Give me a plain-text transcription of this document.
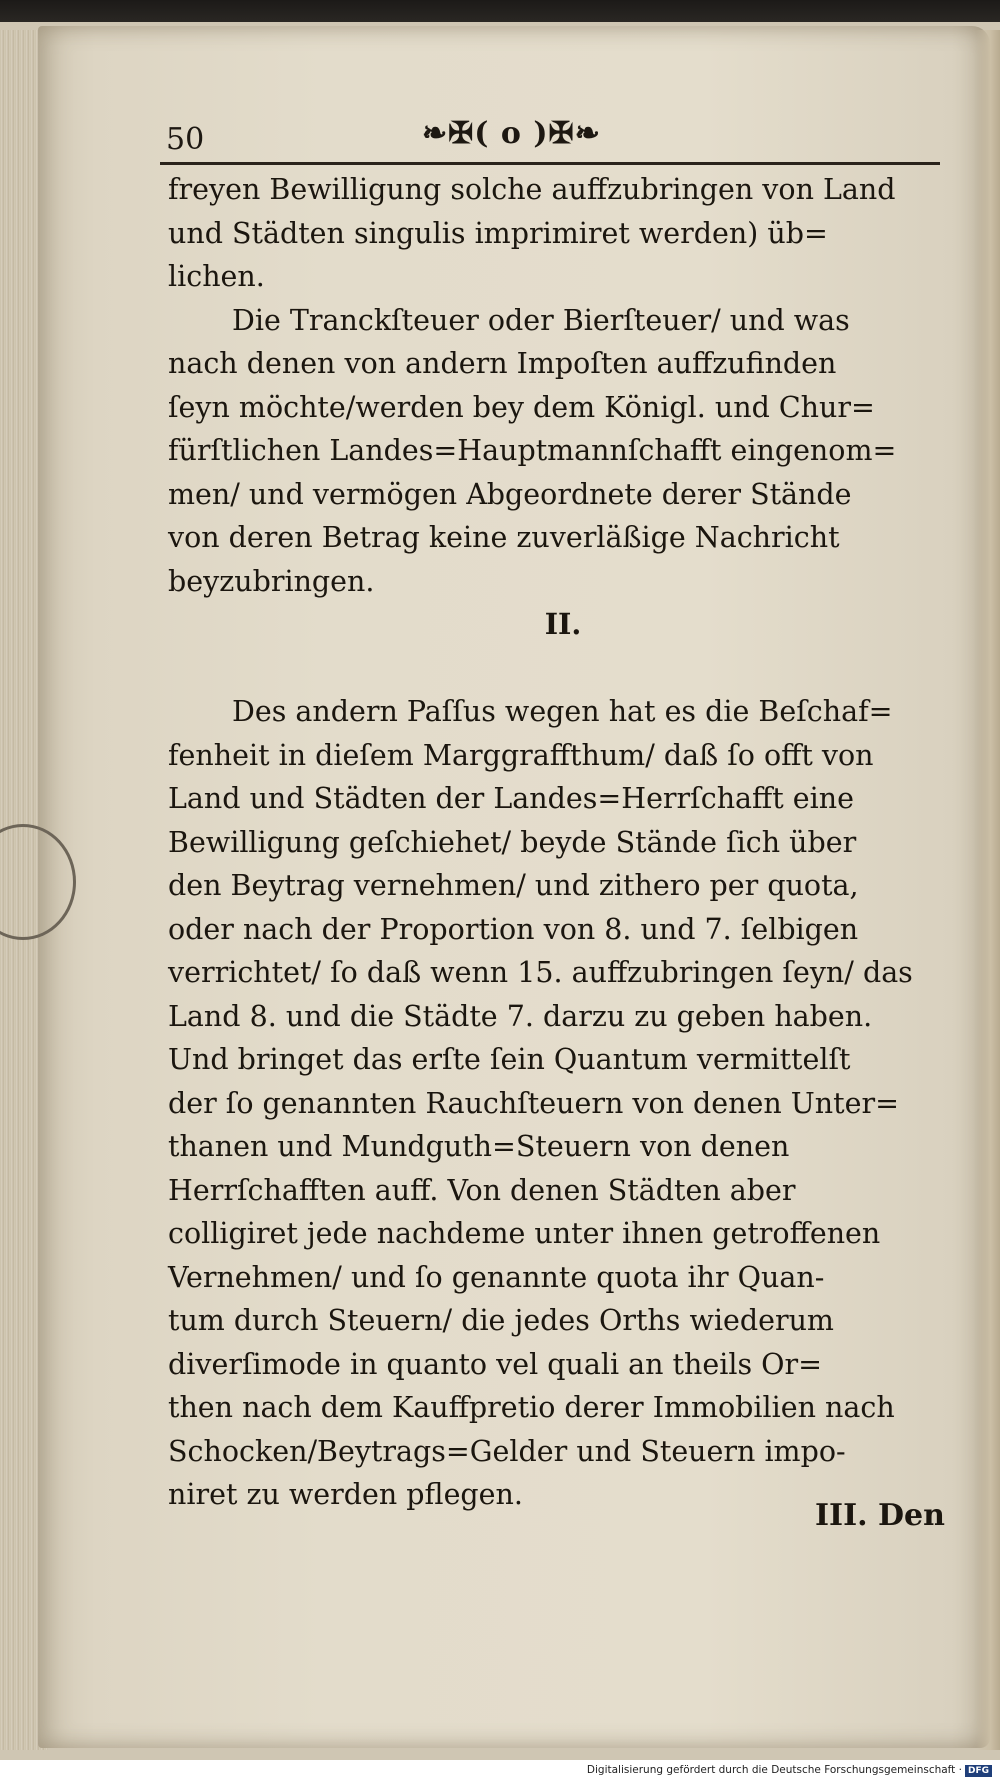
50	❧✠( o )✠❧
freyen Bewilligung solche auffzubringen von Land
und Städten singulis imprimiret werden) üb=
lichen.
Die Tranckſteuer oder Bierſteuer/ und was
nach denen von andern Impoſten auffzufinden
ſeyn möchte/werden bey dem Königl. und Chur=
fürſtlichen Landes=Hauptmannſchafft eingenom=
men/ und vermögen Abgeordnete derer Stände
von deren Betrag keine zuverläßige Nachricht
beyzubringen.
II.
Des andern Paſſus wegen hat es die Beſchaf=
fenheit in dieſem Marggraffthum/ daß ſo offt von
Land und Städten der Landes=Herrſchafft eine
Bewilligung geſchiehet/ beyde Stände ſich über
den Beytrag vernehmen/ und zithero per quota,
oder nach der Proportion von 8. und 7. ſelbigen
verrichtet/ ſo daß wenn 15. auffzubringen ſeyn/ das
Land 8. und die Städte 7. darzu zu geben haben.
Und bringet das erſte ſein Quantum vermittelſt
der ſo genannten Rauchſteuern von denen Unter=
thanen und Mundguth=Steuern von denen
Herrſchafften auff. Von denen Städten aber
colligiret jede nachdeme unter ihnen getroffenen
Vernehmen/ und ſo genannte quota ihr Quan-
tum durch Steuern/ die jedes Orths wiederum
diverſimode in quanto vel quali an theils Or=
then nach dem Kauffpretio derer Immobilien nach
Schocken/Beytrags=Gelder und Steuern impo-
niret zu werden pflegen.
III. Den
Digitalisierung gefördert durch die Deutsche Forschungsgemeinschaft · DFG
